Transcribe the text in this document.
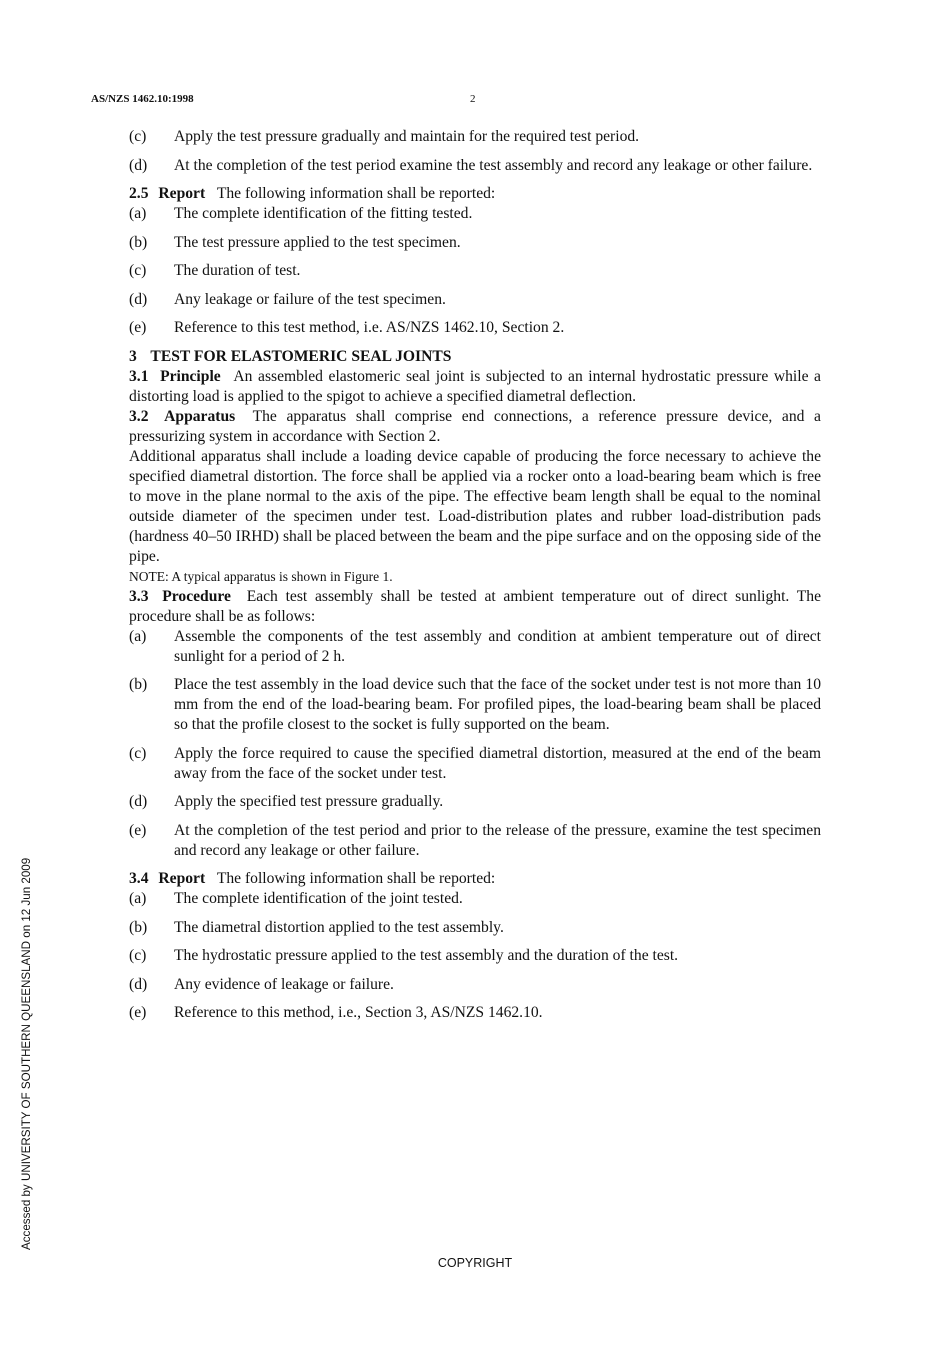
AS/NZS 1462.10:1998	2
(c)	Apply the test pressure gradually and maintain for the required test period.
(d)	At the completion of the test period examine the test assembly and record any leakage or other failure.

2.5 Report The following information shall be reported:

(a)	The complete identification of the fitting tested.
(b)	The test pressure applied to the test specimen.
(c)	The duration of test.
(d)	Any leakage or failure of the test specimen.
(e)	Reference to this test method, i.e. AS/NZS 1462.10, Section 2.

3 TEST FOR ELASTOMERIC SEAL JOINTS

3.1 Principle An assembled elastomeric seal joint is subjected to an internal hydrostatic pressure while a distorting load is applied to the spigot to achieve a specified diametral deflection.

3.2 Apparatus The apparatus shall comprise end connections, a reference pressure device, and a pressurizing system in accordance with Section 2.

Additional apparatus shall include a loading device capable of producing the force necessary to achieve the specified diametral distortion. The force shall be applied via a rocker onto a load-bearing beam which is free to move in the plane normal to the axis of the pipe. The effective beam length shall be equal to the nominal outside diameter of the specimen under test. Load-distribution plates and rubber load-distribution pads (hardness 40–50 IRHD) shall be placed between the beam and the pipe surface and on the opposing side of the pipe.

NOTE: A typical apparatus is shown in Figure 1.

3.3 Procedure Each test assembly shall be tested at ambient temperature out of direct sunlight. The procedure shall be as follows:

(a)	Assemble the components of the test assembly and condition at ambient temperature out of direct sunlight for a period of 2 h.
(b)	Place the test assembly in the load device such that the face of the socket under test is not more than 10 mm from the end of the load-bearing beam. For profiled pipes, the load-bearing beam shall be placed so that the profile closest to the socket is fully supported on the beam.
(c)	Apply the force required to cause the specified diametral distortion, measured at the end of the beam away from the face of the socket under test.
(d)	Apply the specified test pressure gradually.
(e)	At the completion of the test period and prior to the release of the pressure, examine the test specimen and record any leakage or other failure.

3.4 Report The following information shall be reported:

(a)	The complete identification of the joint tested.
(b)	The diametral distortion applied to the test assembly.
(c)	The hydrostatic pressure applied to the test assembly and the duration of the test.
(d)	Any evidence of leakage or failure.
(e)	Reference to this method, i.e., Section 3, AS/NZS 1462.10.
Accessed by UNIVERSITY OF SOUTHERN QUEENSLAND on 12 Jun 2009
COPYRIGHT
